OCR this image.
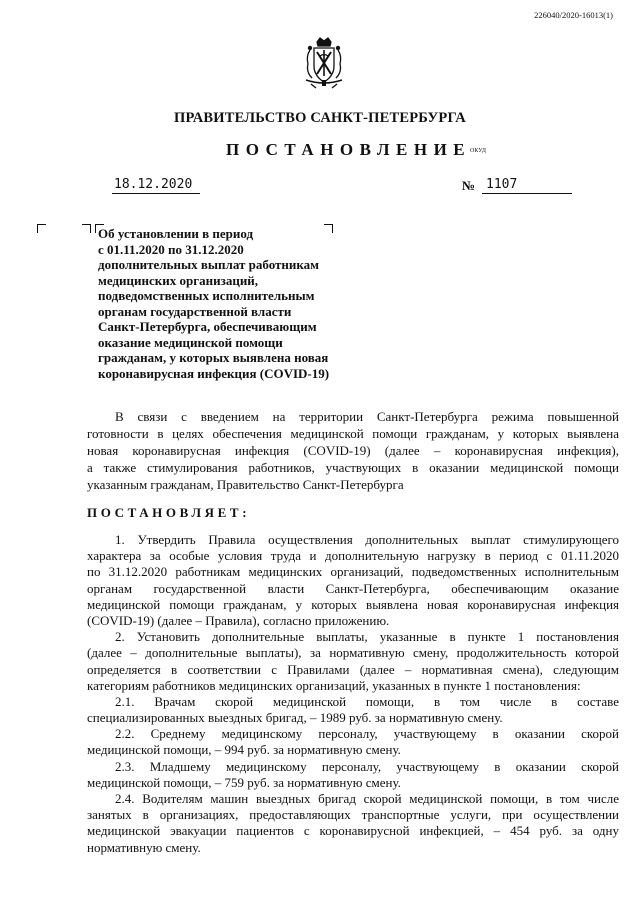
226040/2020-16013(1)
ПРАВИТЕЛЬСТВО САНКТ-ПЕТЕРБУРГА
ПОСТАНОВЛЕНИЕ
ОКУД
18.12.2020	№ 1107
Об установлении в период
с 01.11.2020 по 31.12.2020
дополнительных выплат работникам
медицинских организаций,
подведомственных исполнительным
органам государственной власти
Санкт-Петербурга, обеспечивающим
оказание медицинской помощи
гражданам, у которых выявлена новая
коронавирусная инфекция (COVID-19)
В связи с введением на территории Санкт-Петербурга режима повышенной
готовности в целях обеспечения медицинской помощи гражданам, у которых выявлена
новая коронавирусная инфекция (COVID-19) (далее – коронавирусная инфекция),
а также стимулирования работников, участвующих в оказании медицинской помощи
указанным гражданам, Правительство Санкт-Петербурга
ПОСТАНОВЛЯЕТ:
1. Утвердить Правила осуществления дополнительных выплат стимулирующего
характера за особые условия труда и дополнительную нагрузку в период с 01.11.2020
по 31.12.2020 работникам медицинских организаций, подведомственных исполнительным
органам государственной власти Санкт-Петербурга, обеспечивающим оказание
медицинской помощи гражданам, у которых выявлена новая коронавирусная инфекция
(COVID-19) (далее – Правила), согласно приложению.
2. Установить дополнительные выплаты, указанные в пункте 1 постановления
(далее – дополнительные выплаты), за нормативную смену, продолжительность которой
определяется в соответствии с Правилами (далее – нормативная смена), следующим
категориям работников медицинских организаций, указанных в пункте 1 постановления:
2.1. Врачам скорой медицинской помощи, в том числе в составе
специализированных выездных бригад, – 1989 руб. за нормативную смену.
2.2. Среднему медицинскому персоналу, участвующему в оказании скорой
медицинской помощи, – 994 руб. за нормативную смену.
2.3. Младшему медицинскому персоналу, участвующему в оказании скорой
медицинской помощи, – 759 руб. за нормативную смену.
2.4. Водителям машин выездных бригад скорой медицинской помощи, в том числе
занятых в организациях, предоставляющих транспортные услуги, при осуществлении
медицинской эвакуации пациентов с коронавирусной инфекцией, – 454 руб. за одну
нормативную смену.
